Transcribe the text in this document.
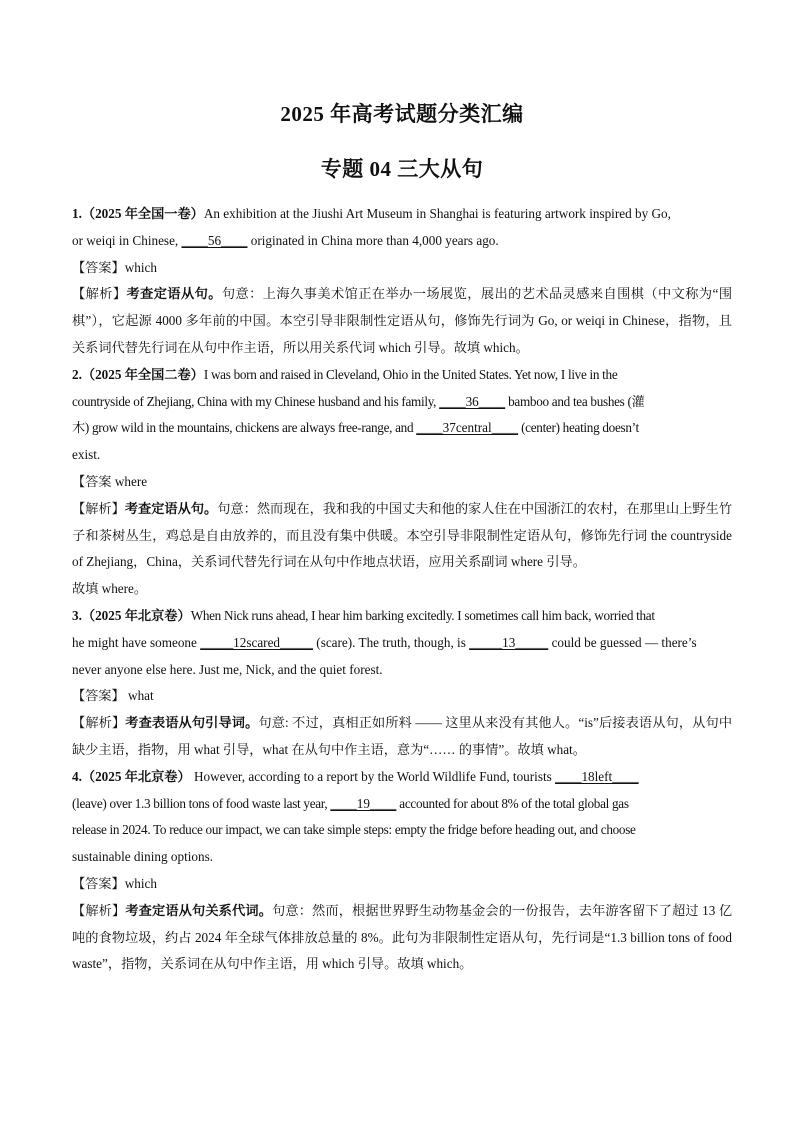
2025 年高考试题分类汇编
专题 04 三大从句

1.（2025 年全国一卷）An exhibition at the Jiushi Art Museum in Shanghai is featuring artwork inspired by Go,
or weiqi in Chinese, ____56____ originated in China more than 4,000 years ago.

【答案】which

【解析】考查定语从句。句意：上海久事美术馆正在举办一场展览，展出的艺术品灵感来自围棋（中文称为“围棋”），它起源 4000 多年前的中国。本空引导非限制性定语从句，修饰先行词为 Go, or weiqi in Chinese，指物，且关系词代替先行词在从句中作主语，所以用关系代词 which 引导。故填 which。

2.（2025 年全国二卷）I was born and raised in Cleveland, Ohio in the United States. Yet now, I live in the
countryside of Zhejiang, China with my Chinese husband and his family, ____36____ bamboo and tea bushes (灌
木) grow wild in the mountains, chickens are always free-range, and ____37central____ (center) heating doesn’t
exist.

【答案 where

【解析】考查定语从句。句意：然而现在，我和我的中国丈夫和他的家人住在中国浙江的农村，在那里山上野生竹子和茶树丛生，鸡总是自由放养的，而且没有集中供暖。本空引导非限制性定语从句，修饰先行词 the countryside of Zhejiang，China，关系词代替先行词在从句中作地点状语，应用关系副词 where 引导。
故填 where。

3.（2025 年北京卷）When Nick runs ahead, I hear him barking excitedly. I sometimes call him back, worried that
he might have someone _____12scared_____ (scare). The truth, though, is _____13_____ could be guessed — there’s
never anyone else here. Just me, Nick, and the quiet forest.

【答案】 what

【解析】考查表语从句引导词。句意: 不过，真相正如所料 —— 这里从来没有其他人。“is”后接表语从句，从句中缺少主语，指物，用 what 引导，what 在从句中作主语，意为“…… 的事情”。故填 what。

4.（2025 年北京卷） However, according to a report by the World Wildlife Fund, tourists ____18left____
(leave) over 1.3 billion tons of food waste last year, ____19____ accounted for about 8% of the total global gas
release in 2024. To reduce our impact, we can take simple steps: empty the fridge before heading out, and choose
sustainable dining options.

【答案】which

【解析】考查定语从句关系代词。句意：然而，根据世界野生动物基金会的一份报告，去年游客留下了超过 13 亿吨的食物垃圾，约占 2024 年全球气体排放总量的 8%。此句为非限制性定语从句，先行词是“1.3 billion tons of food waste”，指物，关系词在从句中作主语，用 which 引导。故填 which。
